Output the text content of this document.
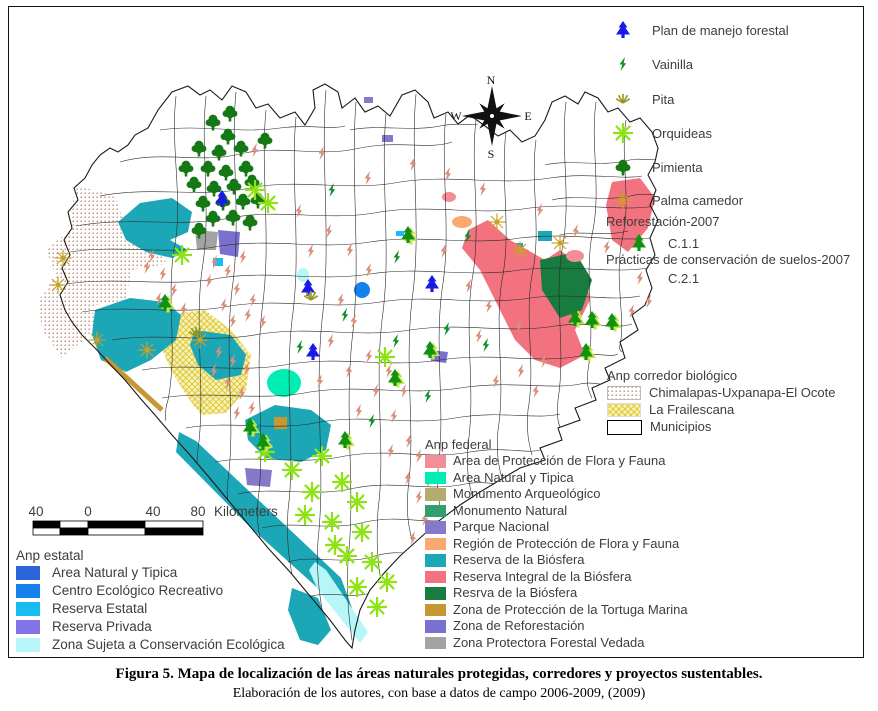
N
E
S
W
40	0	40 80 Kilometers
Plan de manejo forestal
Vainilla
Pita
Orquideas
Pimienta
Palma camedor
Reforestación-2007
C.1.1
Prácticas de conservación de suelos-2007
C.2.1
Anp corredor biológico
Chimalapas-Uxpanapa-El Ocote
La Frailescana
Municipios
Anp federal
Area de Protección de Flora y Fauna
Area Natural y Tipica
Monumento Arqueológico
Monumento Natural
Parque Nacional
Región de Protección de Flora y Fauna
Reserva de la Biósfera
Reserva Integral de la Biósfera
Resrva de la Biósfera
Zona de Protección de la Tortuga Marina
Zona de Reforestación
Zona Protectora Forestal Vedada
Anp estatal
Area Natural y Tipica
Centro Ecológico Recreativo
Reserva Estatal
Reserva Privada
Zona Sujeta a Conservación Ecológica
Figura 5. Mapa de localización de las áreas naturales protegidas, corredores y proyectos sustentables.
Elaboración de los autores, con base a datos de campo 2006-2009, (2009)
